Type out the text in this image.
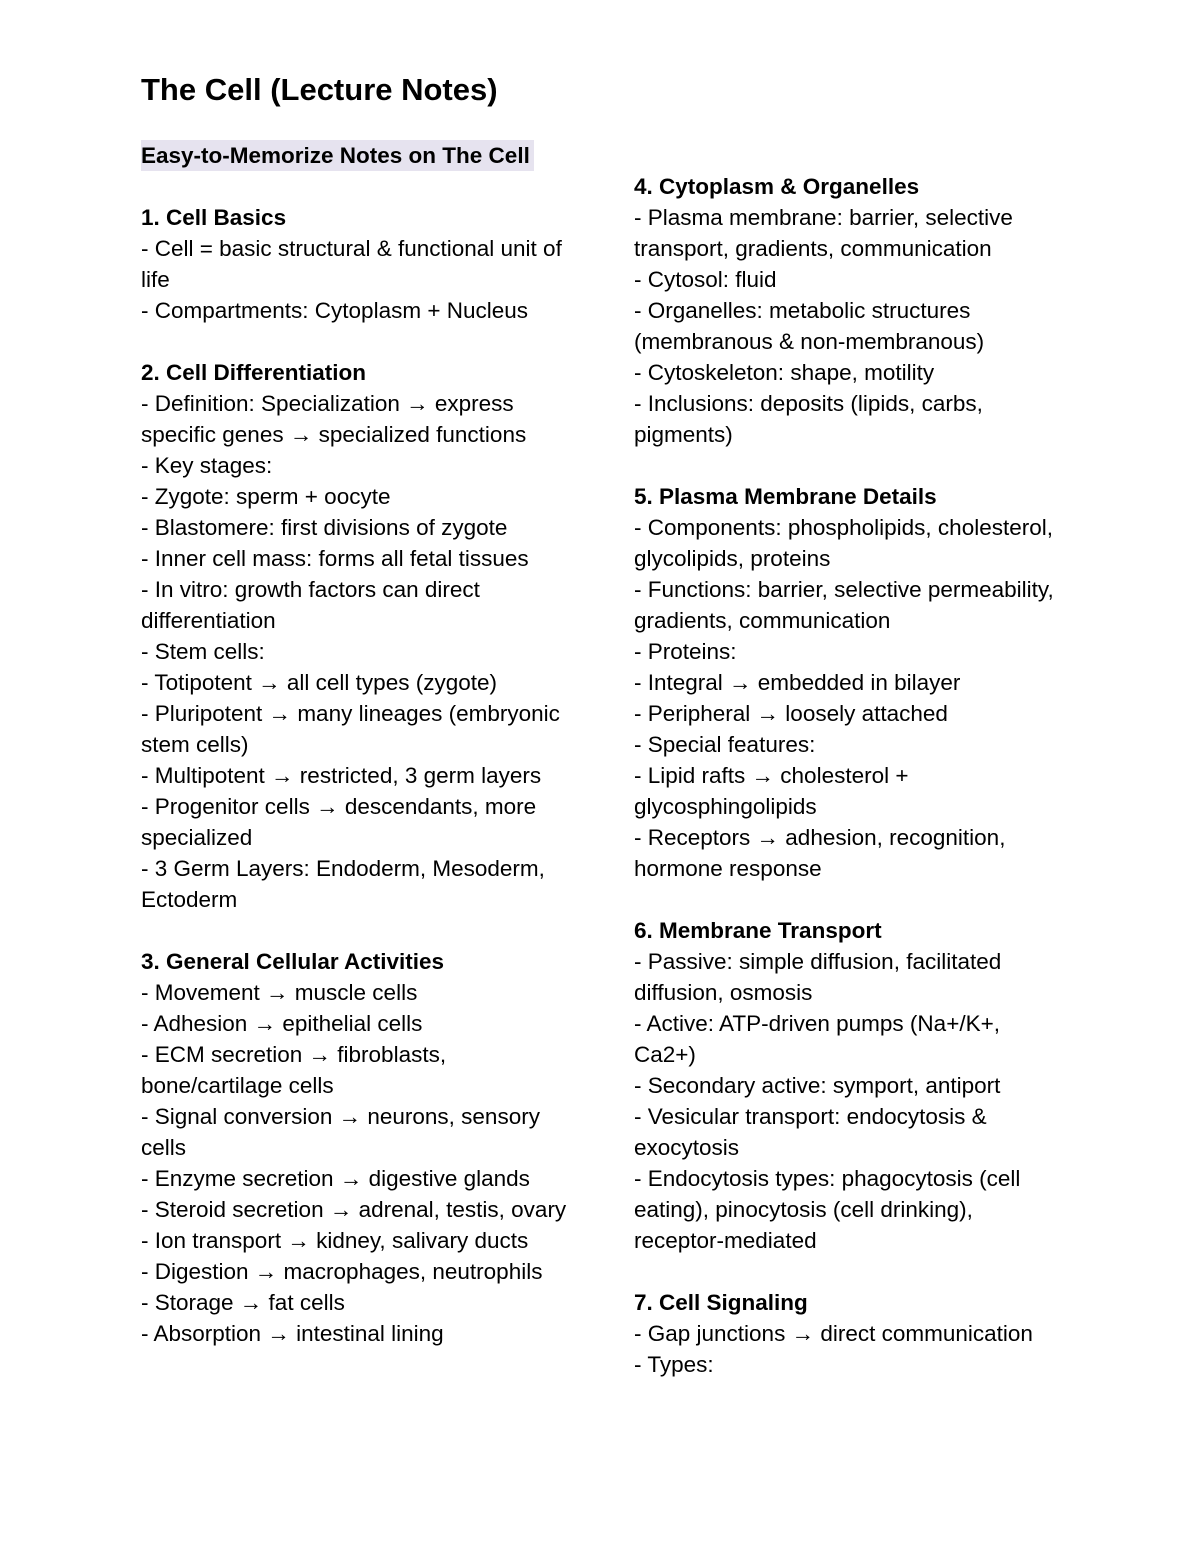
The Cell (Lecture Notes)
Easy-to-Memorize Notes on The Cell
1. Cell Basics
- Cell = basic structural & functional unit of life
- Compartments: Cytoplasm + Nucleus
2. Cell Differentiation
- Definition: Specialization → express specific genes → specialized functions
- Key stages:
- Zygote: sperm + oocyte
- Blastomere: first divisions of zygote
- Inner cell mass: forms all fetal tissues
- In vitro: growth factors can direct differentiation
- Stem cells:
- Totipotent → all cell types (zygote)
- Pluripotent → many lineages (embryonic stem cells)
- Multipotent → restricted, 3 germ layers
- Progenitor cells → descendants, more specialized
- 3 Germ Layers: Endoderm, Mesoderm, Ectoderm
3. General Cellular Activities
- Movement → muscle cells
- Adhesion → epithelial cells
- ECM secretion → fibroblasts, bone/cartilage cells
- Signal conversion → neurons, sensory cells
- Enzyme secretion → digestive glands
- Steroid secretion → adrenal, testis, ovary
- Ion transport → kidney, salivary ducts
- Digestion → macrophages, neutrophils
- Storage → fat cells
- Absorption → intestinal lining
4. Cytoplasm & Organelles
- Plasma membrane: barrier, selective transport, gradients, communication
- Cytosol: fluid
- Organelles: metabolic structures (membranous & non-membranous)
- Cytoskeleton: shape, motility
- Inclusions: deposits (lipids, carbs, pigments)
5. Plasma Membrane Details
- Components: phospholipids, cholesterol, glycolipids, proteins
- Functions: barrier, selective permeability, gradients, communication
- Proteins:
- Integral → embedded in bilayer
- Peripheral → loosely attached
- Special features:
- Lipid rafts → cholesterol + glycosphingolipids
- Receptors → adhesion, recognition, hormone response
6. Membrane Transport
- Passive: simple diffusion, facilitated diffusion, osmosis
- Active: ATP-driven pumps (Na+/K+, Ca2+)
- Secondary active: symport, antiport
- Vesicular transport: endocytosis & exocytosis
- Endocytosis types: phagocytosis (cell eating), pinocytosis (cell drinking), receptor-mediated
7. Cell Signaling
- Gap junctions → direct communication
- Types:
